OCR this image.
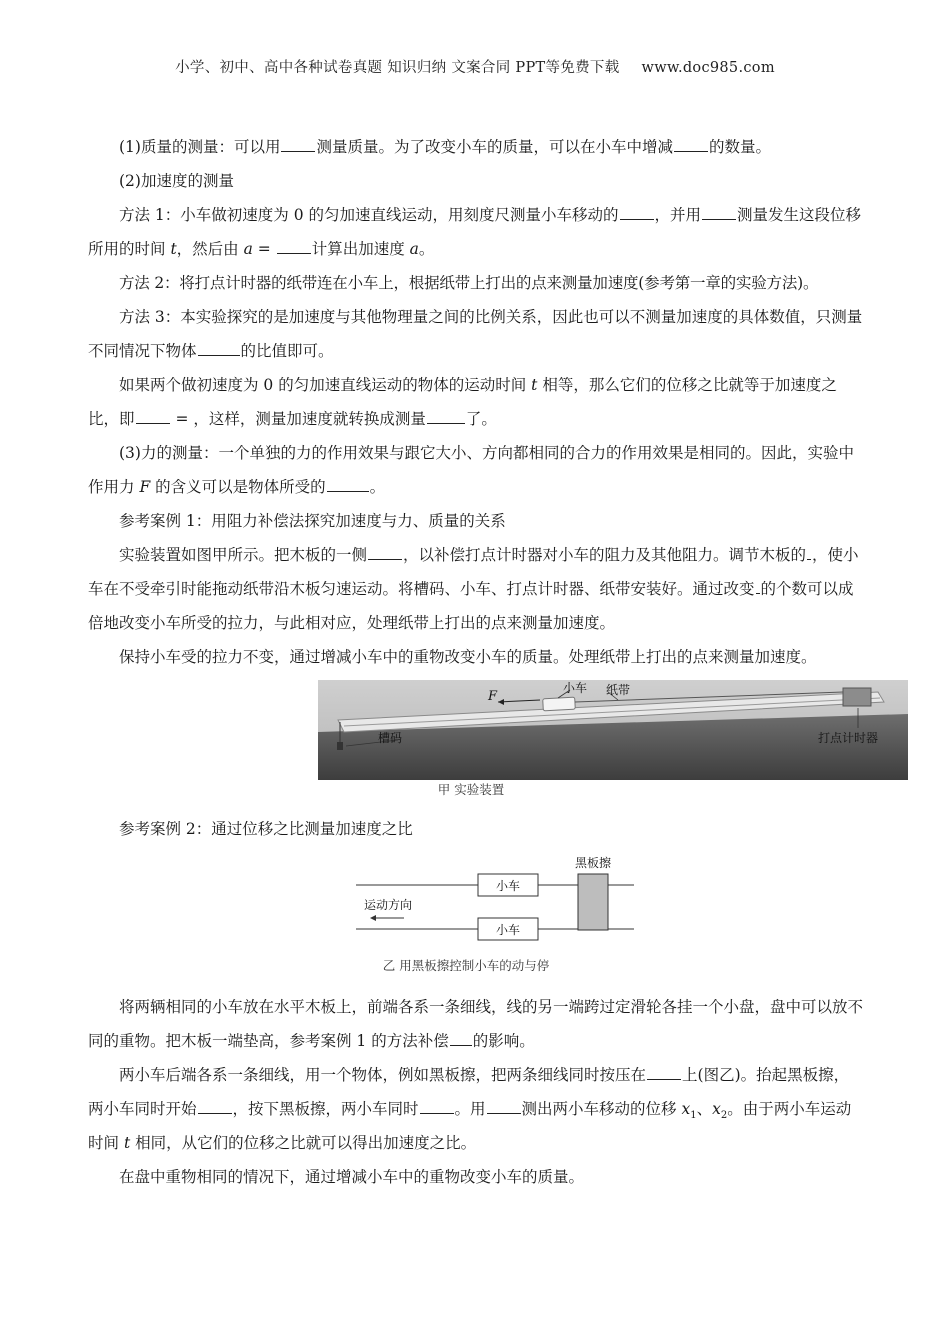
小学、初中、高中各种试卷真题 知识归纳 文案合同 PPT等免费下载 www.doc985.com

(1)质量的测量：可以用 测量质量。为了改变小车的质量，可以在小车中增减 的数量。

(2)加速度的测量

方法 1：小车做初速度为 0 的匀加速直线运动，用刻度尺测量小车移动的 ，并用 测量发生这段位移所用的时间 t，然后由 a = 计算出加速度 a。

方法 2：将打点计时器的纸带连在小车上，根据纸带上打出的点来测量加速度(参考第一章的实验方法)。

方法 3：本实验探究的是加速度与其他物理量之间的比例关系，因此也可以不测量加速度的具体数值，只测量不同情况下物体	的比值即可。

如果两个做初速度为 0 的匀加速直线运动的物体的运动时间 t 相等，那么它们的位移之比就等于加速度之比，即 = ，这样，测量加速度就转换成测量	了。

(3)力的测量：一个单独的力的作用效果与跟它大小、方向都相同的合力的作用效果是相同的。因此，实验中作用力 F 的含义可以是物体所受的	。

参考案例 1：用阻力补偿法探究加速度与力、质量的关系

实验装置如图甲所示。把木板的一侧 ，以补偿打点计时器对小车的阻力及其他阻力。调节木板的 ，使小车在不受牵引时能拖动纸带沿木板匀速运动。将槽码、小车、打点计时器、纸带安装好。通过改变 的个数可以成倍地改变小车所受的拉力，与此相对应，处理纸带上打出的点来测量加速度。

保持小车受的拉力不变，通过增减小车中的重物改变小车的质量。处理纸带上打出的点来测量加速度。

F
小车 纸带
槽码	打点计时器
甲 实验装置

参考案例 2：通过位移之比测量加速度之比

小车
小车
黑板擦
运动方向
乙 用黑板擦控制小车的动与停

将两辆相同的小车放在水平木板上，前端各系一条细线，线的另一端跨过定滑轮各挂一个小盘，盘中可以放不同的重物。把木板一端垫高，参考案例 1 的方法补偿 的影响。

两小车后端各系一条细线，用一个物体，例如黑板擦，把两条细线同时按压在 上(图乙)。抬起黑板擦，两小车同时开始 ，按下黑板擦，两小车同时 。用 测出两小车移动的位移 $x_1$、$x_2$。由于两小车运动时间 t 相同，从它们的位移之比就可以得出加速度之比。

在盘中重物相同的情况下，通过增减小车中的重物改变小车的质量。
